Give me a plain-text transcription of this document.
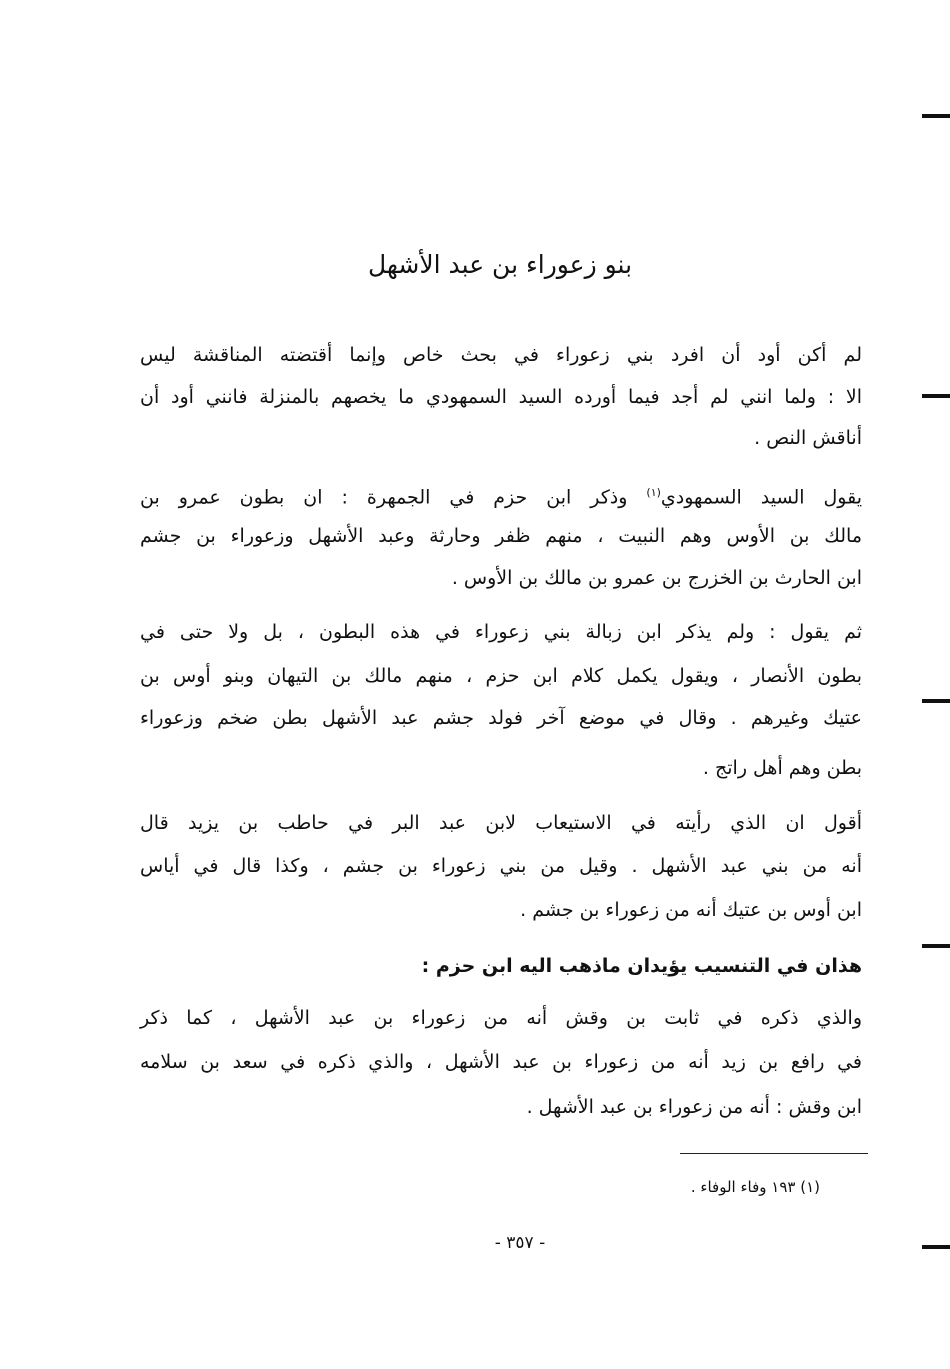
بنو زعوراء بن عبد الأشهل
لم أكن أود أن افرد بني زعوراء في بحث خاص وإنما أقتضته المناقشة ليس
الا : ولما انني لم أجد فيما أورده السيد السمهودي ما يخصهم بالمنزلة فانني أود أن
أناقش النص .
يقول السيد السمهودي$^{(١)}$ وذكر ابن حزم في الجمهرة : ان بطون عمرو بن
مالك بن الأوس وهم النبيت ، منهم ظفر وحارثة وعبد الأشهل وزعوراء بن جشم
ابن الحارث بن الخزرج بن عمرو بن مالك بن الأوس .
ثم يقول : ولم يذكر ابن زبالة بني زعوراء في هذه البطون ، بل ولا حتى في
بطون الأنصار ، ويقول يكمل كلام ابن حزم ، منهم مالك بن التيهان وبنو أوس بن
عتيك وغيرهم . وقال في موضع آخر فولد جشم عبد الأشهل بطن ضخم وزعوراء
بطن وهم أهل راتج .
أقول ان الذي رأيته في الاستيعاب لابن عبد البر في حاطب بن يزيد قال
أنه من بني عبد الأشهل . وقيل من بني زعوراء بن جشم ، وكذا قال في أياس
ابن أوس بن عتيك أنه من زعوراء بن جشم .
هذان في التنسيب يؤيدان ماذهب اليه ابن حزم :
والذي ذكره في ثابت بن وقش أنه من زعوراء بن عبد الأشهل ، كما ذكر
في رافع بن زيد أنه من زعوراء بن عبد الأشهل ، والذي ذكره في سعد بن سلامه
ابن وقش : أنه من زعوراء بن عبد الأشهل .
(١) ١٩٣ وفاء الوفاء .
- ٣٥٧ -
